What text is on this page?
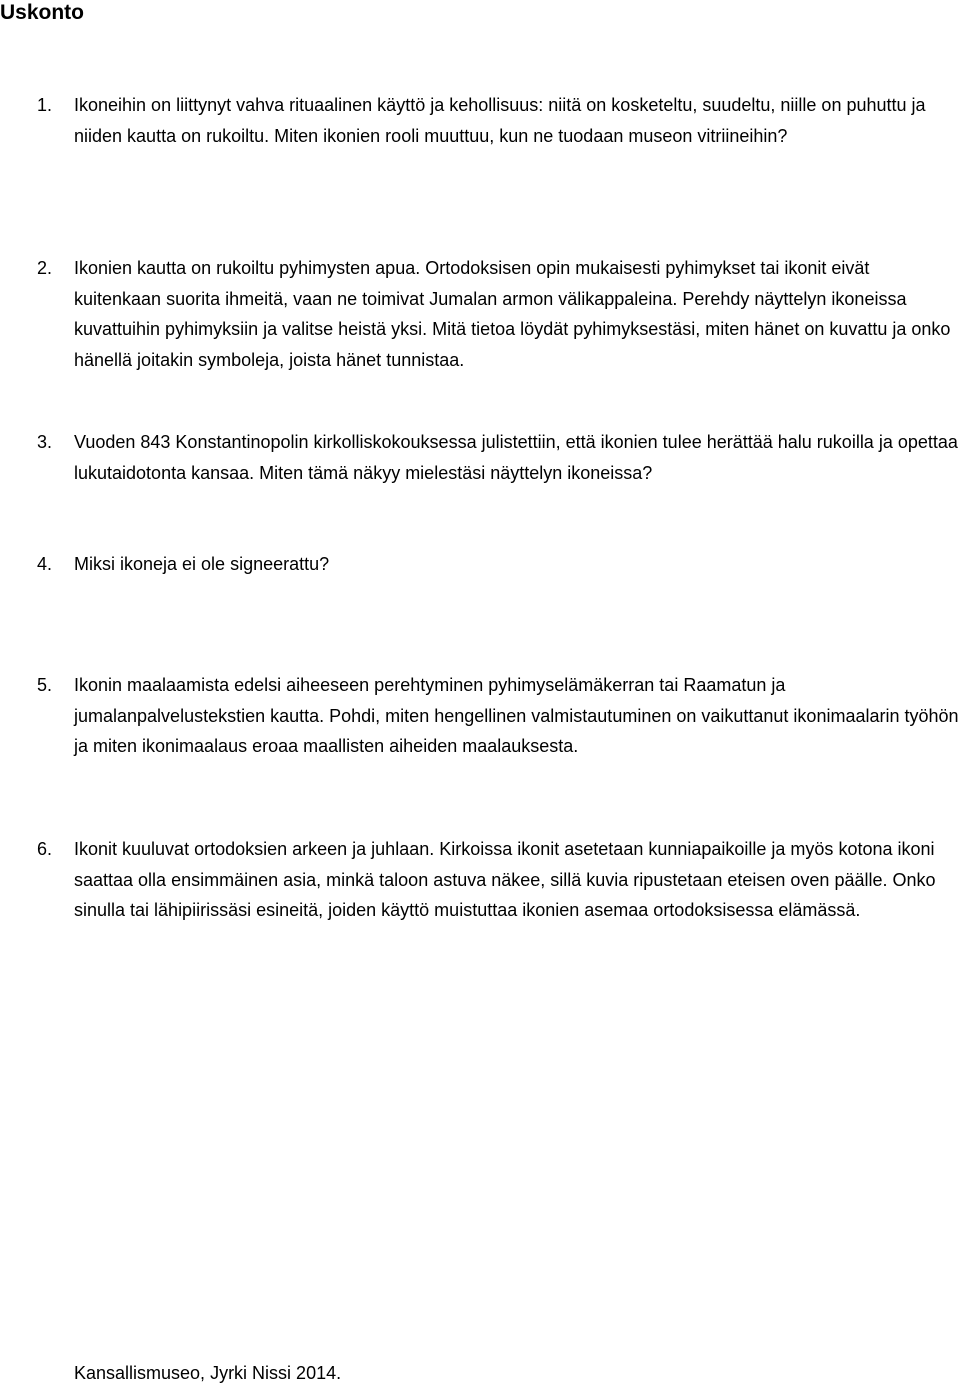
Uskonto
1. Ikoneihin on liittynyt vahva rituaalinen käyttö ja kehollisuus: niitä on kosketeltu, suudeltu, niille on puhuttu ja niiden kautta on rukoiltu. Miten ikonien rooli muuttuu, kun ne tuodaan museon vitriineihin?
2. Ikonien kautta on rukoiltu pyhimysten apua. Ortodoksisen opin mukaisesti pyhimykset tai ikonit eivät kuitenkaan suorita ihmeitä, vaan ne toimivat Jumalan armon välikappaleina. Perehdy näyttelyn ikoneissa kuvattuihin pyhimyksiin ja valitse heistä yksi. Mitä tietoa löydät pyhimyksestäsi, miten hänet on kuvattu ja onko hänellä joitakin symboleja, joista hänet tunnistaa.
3. Vuoden 843 Konstantinopolin kirkolliskokouksessa julistettiin, että ikonien tulee herättää halu rukoilla ja opettaa lukutaidotonta kansaa. Miten tämä näkyy mielestäsi näyttelyn ikoneissa?
4. Miksi ikoneja ei ole signeerattu?
5. Ikonin maalaamista edelsi aiheeseen perehtyminen pyhimyselämäkerran tai Raamatun ja jumalanpalvelustekstien kautta. Pohdi, miten hengellinen valmistautuminen on vaikuttanut ikonimaalarin työhön ja miten ikonimaalaus eroaa maallisten aiheiden maalauksesta.
6. Ikonit kuuluvat ortodoksien arkeen ja juhlaan. Kirkoissa ikonit asetetaan kunniapaikoille ja myös kotona ikoni saattaa olla ensimmäinen asia, minkä taloon astuva näkee, sillä kuvia ripustetaan eteisen oven päälle. Onko sinulla tai lähipiirissäsi esineitä, joiden käyttö muistuttaa ikonien asemaa ortodoksisessa elämässä.
Kansallismuseo, Jyrki Nissi 2014.
